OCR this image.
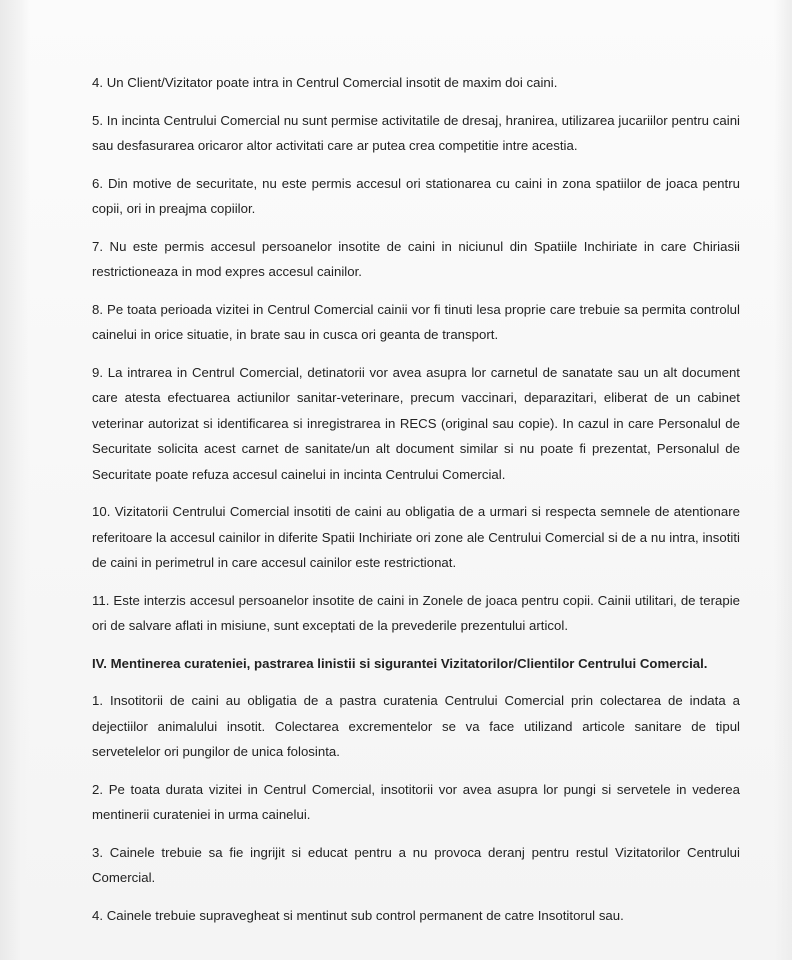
4. Un Client/Vizitator poate intra in Centrul Comercial insotit de maxim doi caini.

5. In incinta Centrului Comercial nu sunt permise activitatile de dresaj, hranirea, utilizarea jucariilor pentru caini sau desfasurarea oricaror altor activitati care ar putea crea competitie intre acestia.

6. Din motive de securitate, nu este permis accesul ori stationarea cu caini in zona spatiilor de joaca pentru copii, ori in preajma copiilor.

7. Nu este permis accesul persoanelor insotite de caini in niciunul din Spatiile Inchiriate in care Chiriasii restrictioneaza in mod expres accesul cainilor.

8. Pe toata perioada vizitei in Centrul Comercial cainii vor fi tinuti lesa proprie care trebuie sa permita controlul cainelui in orice situatie, in brate sau in cusca ori geanta de transport.

9. La intrarea in Centrul Comercial, detinatorii vor avea asupra lor carnetul de sanatate sau un alt document care atesta efectuarea actiunilor sanitar-veterinare, precum vaccinari, deparazitari, eliberat de un cabinet veterinar autorizat si identificarea si inregistrarea in RECS (original sau copie). In cazul in care Personalul de Securitate solicita acest carnet de sanitate/un alt document similar si nu poate fi prezentat, Personalul de Securitate poate refuza accesul cainelui in incinta Centrului Comercial.

10. Vizitatorii Centrului Comercial insotiti de caini au obligatia de a urmari si respecta semnele de atentionare referitoare la accesul cainilor in diferite Spatii Inchiriate ori zone ale Centrului Comercial si de a nu intra, insotiti de caini in perimetrul in care accesul cainilor este restrictionat.

11. Este interzis accesul persoanelor insotite de caini in Zonele de joaca pentru copii. Cainii utilitari, de terapie ori de salvare aflati in misiune, sunt exceptati de la prevederile prezentului articol.

IV. Mentinerea curateniei, pastrarea linistii si sigurantei Vizitatorilor/Clientilor Centrului Comercial.

1. Insotitorii de caini au obligatia de a pastra curatenia Centrului Comercial prin colectarea de indata a dejectiilor animalului insotit. Colectarea excrementelor se va face utilizand articole sanitare de tipul servetelelor ori pungilor de unica folosinta.

2. Pe toata durata vizitei in Centrul Comercial, insotitorii vor avea asupra lor pungi si servetele in vederea mentinerii curateniei in urma cainelui.

3. Cainele trebuie sa fie ingrijit si educat pentru a nu provoca deranj pentru restul Vizitatorilor Centrului Comercial.

4. Cainele trebuie supravegheat si mentinut sub control permanent de catre Insotitorul sau.
